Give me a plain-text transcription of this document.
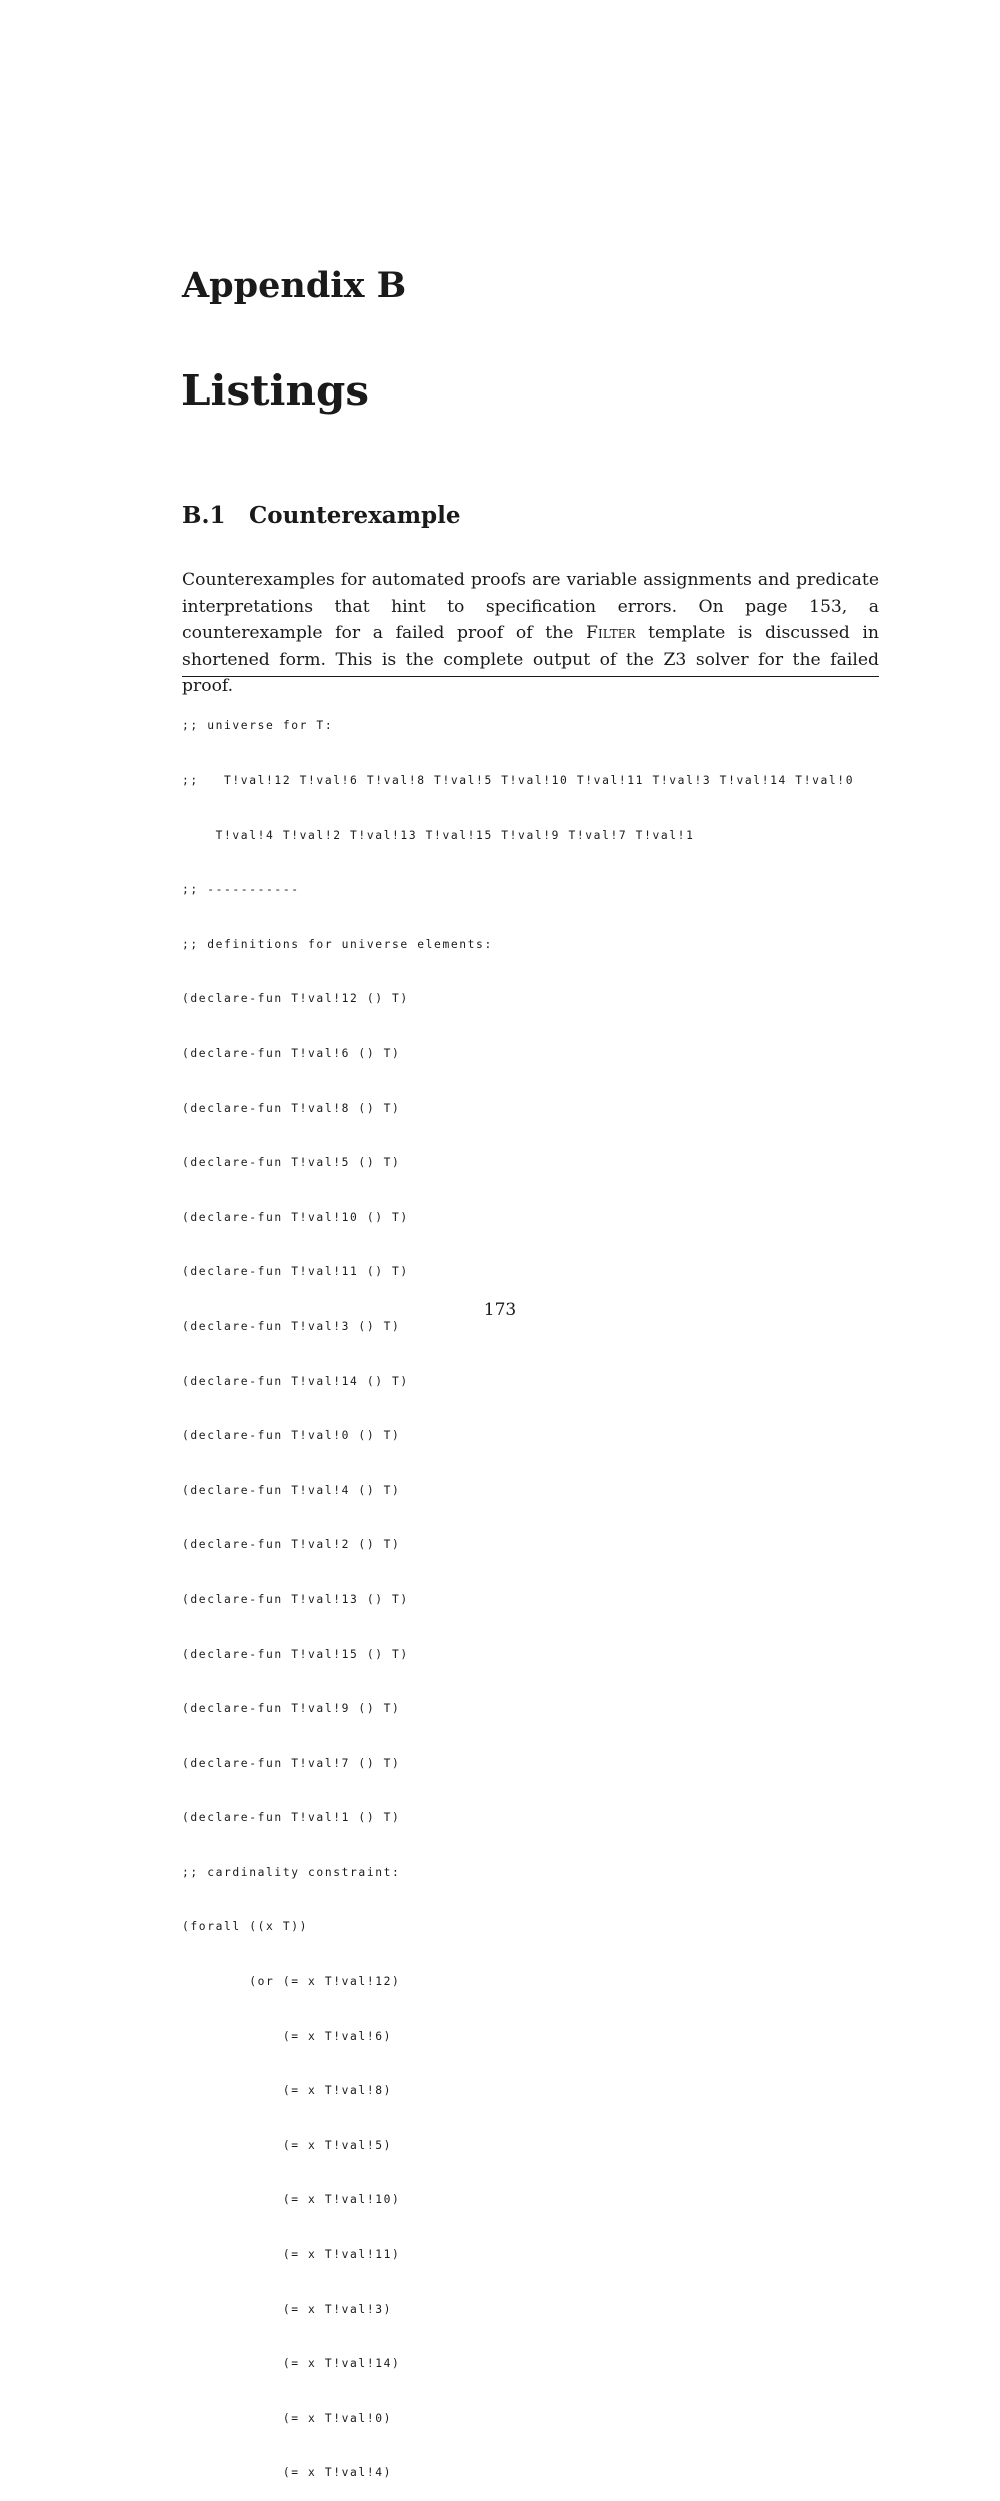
Appendix B
Listings
B.1 Counterexample

Counterexamples for automated proofs are variable assignments and predicate interpretations that hint to specification errors. On page 153, a counterexample for a failed proof of the Filter template is discussed in shortened form. This is the complete output of the Z3 solver for the failed proof.

;; universe for T:

;;   T!val!12 T!val!6 T!val!8 T!val!5 T!val!10 T!val!11 T!val!3 T!val!14 T!val!0

T!val!4 T!val!2 T!val!13 T!val!15 T!val!9 T!val!7 T!val!1

;; -----------

;; definitions for universe elements:

(declare-fun T!val!12 () T)

(declare-fun T!val!6 () T)

(declare-fun T!val!8 () T)

(declare-fun T!val!5 () T)

(declare-fun T!val!10 () T)

(declare-fun T!val!11 () T)

(declare-fun T!val!3 () T)

(declare-fun T!val!14 () T)

(declare-fun T!val!0 () T)

(declare-fun T!val!4 () T)

(declare-fun T!val!2 () T)

(declare-fun T!val!13 () T)

(declare-fun T!val!15 () T)

(declare-fun T!val!9 () T)

(declare-fun T!val!7 () T)

(declare-fun T!val!1 () T)

;; cardinality constraint:

(forall ((x T))

(or (= x T!val!12)

(= x T!val!6)

(= x T!val!8)

(= x T!val!5)

(= x T!val!10)

(= x T!val!11)

(= x T!val!3)

(= x T!val!14)

(= x T!val!0)

(= x T!val!4)

173
